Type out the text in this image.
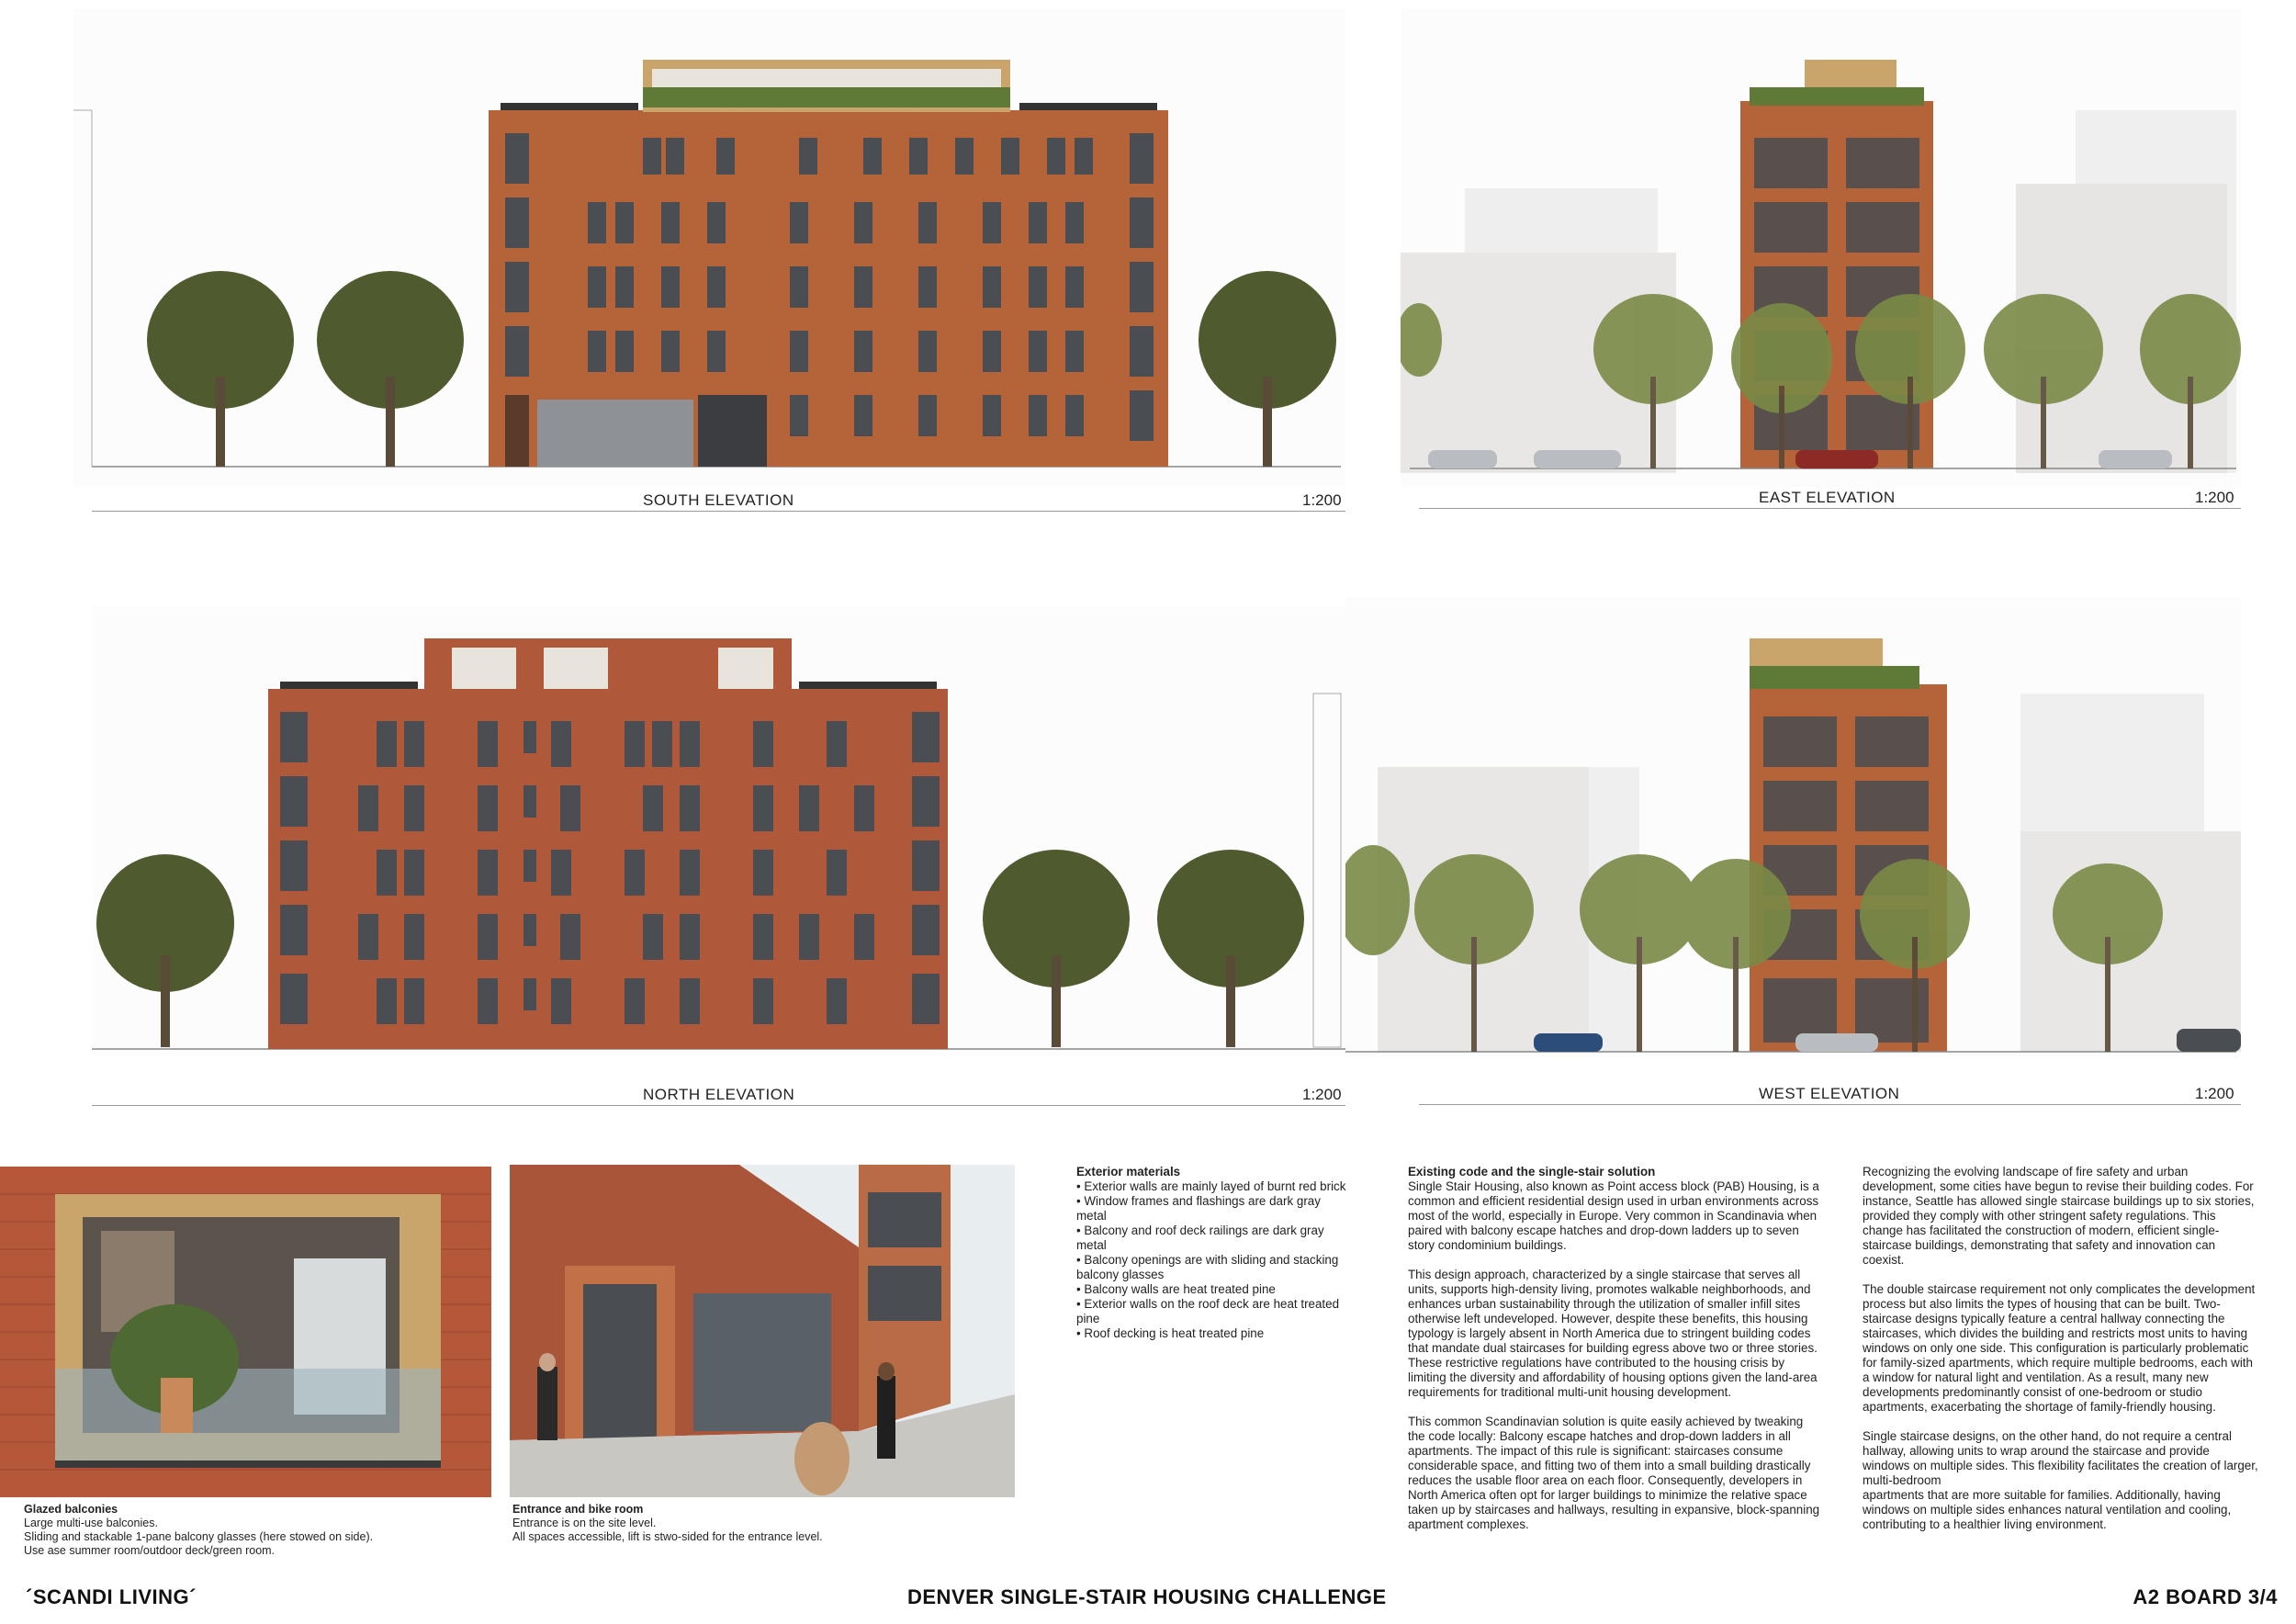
SOUTH ELEVATION	1:200	EAST ELEVATION	1:200
NORTH ELEVATION	1:200	WEST ELEVATION	1:200
Glazed balconies
Large multi-use balconies.
Sliding and stackable 1-pane balcony glasses (here stowed on side).
Use ase summer room/outdoor deck/green room.
Entrance and bike room
Entrance is on the site level.
All spaces accessible, lift is stwo-sided for the entrance level.
Exterior materials
• Exterior walls are mainly layed of burnt red brick
• Window frames and flashings are dark gray metal
• Balcony and roof deck railings are dark gray metal
• Balcony openings are with sliding and stacking balcony glasses
• Balcony walls are heat treated pine
• Exterior walls on the roof deck are heat treated pine
• Roof decking is heat treated pine
Existing code and the single-stair solution

Single Stair Housing, also known as Point access block (PAB) Housing, is a common and efficient residential design used in urban environments across most of the world, especially in Europe. Very common in Scandinavia when paired with balcony escape hatches and drop-down ladders up to seven story condominium buildings.

This design approach, characterized by a single staircase that serves all units, supports high-density living, promotes walkable neighborhoods, and enhances urban sustainability through the utilization of smaller infill sites otherwise left undeveloped. However, despite these benefits, this housing typology is largely absent in North America due to stringent building codes that mandate dual staircases for building egress above two or three stories. These restrictive regulations have contributed to the housing crisis by limiting the diversity and affordability of housing options given the land-area requirements for traditional multi-unit housing development.

This common Scandinavian solution is quite easily achieved by tweaking the code locally: Balcony escape hatches and drop-down ladders in all apartments. The impact of this rule is significant: staircases consume considerable space, and fitting two of them into a small building drastically reduces the usable floor area on each floor. Consequently, developers in North America often opt for larger buildings to minimize the relative space taken up by staircases and hallways, resulting in expansive, block-spanning apartment complexes.

Recognizing the evolving landscape of fire safety and urban development, some cities have begun to revise their building codes. For instance, Seattle has allowed single staircase buildings up to six stories, provided they comply with other stringent safety regulations. This change has facilitated the construction of modern, efficient single-staircase buildings, demonstrating that safety and innovation can coexist.

The double staircase requirement not only complicates the development process but also limits the types of housing that can be built. Two-staircase designs typically feature a central hallway connecting the staircases, which divides the building and restricts most units to having windows on only one side. This configuration is particularly problematic for family-sized apartments, which require multiple bedrooms, each with a window for natural light and ventilation. As a result, many new developments predominantly consist of one-bedroom or studio apartments, exacerbating the shortage of family-friendly housing.

Single staircase designs, on the other hand, do not require a central hallway, allowing units to wrap around the staircase and provide windows on multiple sides. This flexibility facilitates the creation of larger, multi-bedroom
apartments that are more suitable for families. Additionally, having windows on multiple sides enhances natural ventilation and cooling, contributing to a healthier living environment.

´SCANDI LIVING´	DENVER SINGLE-STAIR HOUSING CHALLENGE	A2 BOARD 3/4
